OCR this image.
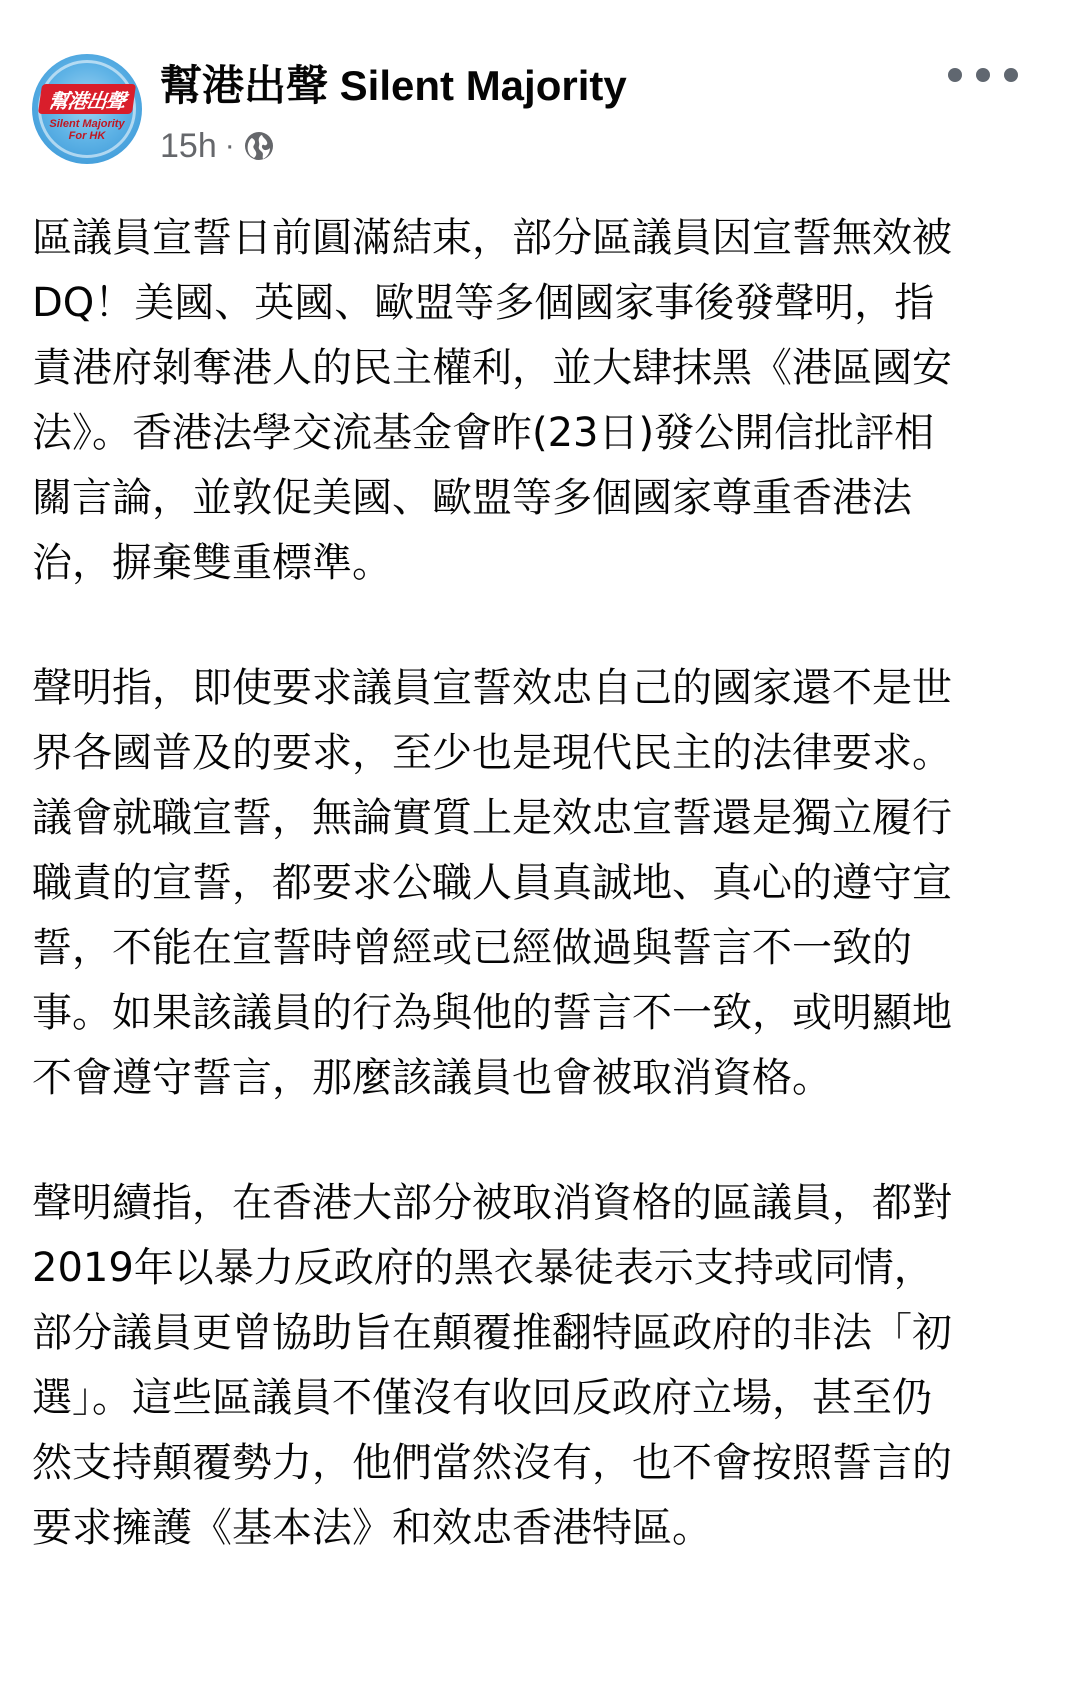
幫港出聲
Silent Majority
For HK
幫港出聲 Silent Majority
15h ·

區議員宣誓日前圓滿結束，部分區議員因宣誓無效被
DQ！美國、英國、歐盟等多個國家事後發聲明，指
責港府剝奪港人的民主權利，並大肆抹黑《港區國安
法》。香港法學交流基金會昨(23日)發公開信批評相
關言論，並敦促美國、歐盟等多個國家尊重香港法
治，摒棄雙重標準。

聲明指，即使要求議員宣誓效忠自己的國家還不是世
界各國普及的要求，至少也是現代民主的法律要求。
議會就職宣誓，無論實質上是效忠宣誓還是獨立履行
職責的宣誓，都要求公職人員真誠地、真心的遵守宣
誓，不能在宣誓時曾經或已經做過與誓言不一致的
事。如果該議員的行為與他的誓言不一致，或明顯地
不會遵守誓言，那麼該議員也會被取消資格。

聲明續指，在香港大部分被取消資格的區議員，都對
2019年以暴力反政府的黑衣暴徒表示支持或同情，
部分議員更曾協助旨在顛覆推翻特區政府的非法「初
選」。這些區議員不僅沒有收回反政府立場，甚至仍
然支持顛覆勢力，他們當然沒有，也不會按照誓言的
要求擁護《基本法》和效忠香港特區。
